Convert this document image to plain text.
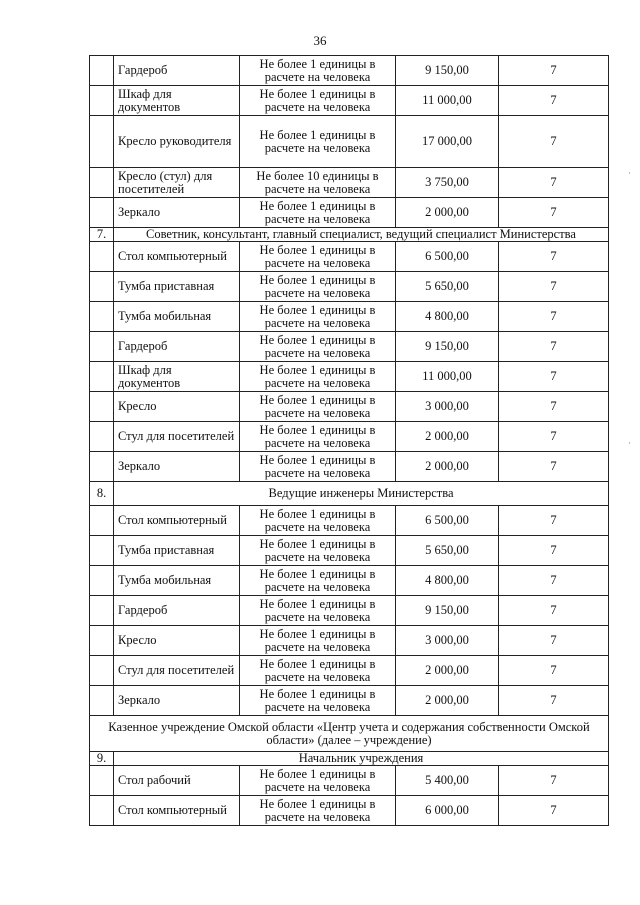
36
	Гардероб	Не более 1 единицы в расчете на человека	9 150,00	7
	Шкаф для документов	Не более 1 единицы в расчете на человека	11 000,00	7
	Кресло руководителя	Не более 1 единицы в расчете на человека	17 000,00	7
	Кресло (стул) для посетителей	Не более 10 единицы в расчете на человека	3 750,00	7
	Зеркало	Не более 1 единицы в расчете на человека	2 000,00	7
7.	Советник, консультант, главный специалист, ведущий специалист Министерства			
	Стол компьютерный	Не более 1 единицы в расчете на человека	6 500,00	7
	Тумба приставная	Не более 1 единицы в расчете на человека	5 650,00	7
	Тумба мобильная	Не более 1 единицы в расчете на человека	4 800,00	7
	Гардероб	Не более 1 единицы в расчете на человека	9 150,00	7
	Шкаф для документов	Не более 1 единицы в расчете на человека	11 000,00	7
	Кресло	Не более 1 единицы в расчете на человека	3 000,00	7
	Стул для посетителей	Не более 1 единицы в расчете на человека	2 000,00	7
	Зеркало	Не более 1 единицы в расчете на человека	2 000,00	7
8.	Ведущие инженеры Министерства			
	Стол компьютерный	Не более 1 единицы в расчете на человека	6 500,00	7
	Тумба приставная	Не более 1 единицы в расчете на человека	5 650,00	7
	Тумба мобильная	Не более 1 единицы в расчете на человека	4 800,00	7
	Гардероб	Не более 1 единицы в расчете на человека	9 150,00	7
	Кресло	Не более 1 единицы в расчете на человека	3 000,00	7
	Стул для посетителей	Не более 1 единицы в расчете на человека	2 000,00	7
	Зеркало	Не более 1 единицы в расчете на человека	2 000,00	7
Казенное учреждение Омской области «Центр учета и содержания собственности Омской области» (далее – учреждение)				
9.	Начальник учреждения			
	Стол рабочий	Не более 1 единицы в расчете на человека	5 400,00	7
	Стол компьютерный	Не более 1 единицы в расчете на человека	6 000,00	7
·
·
